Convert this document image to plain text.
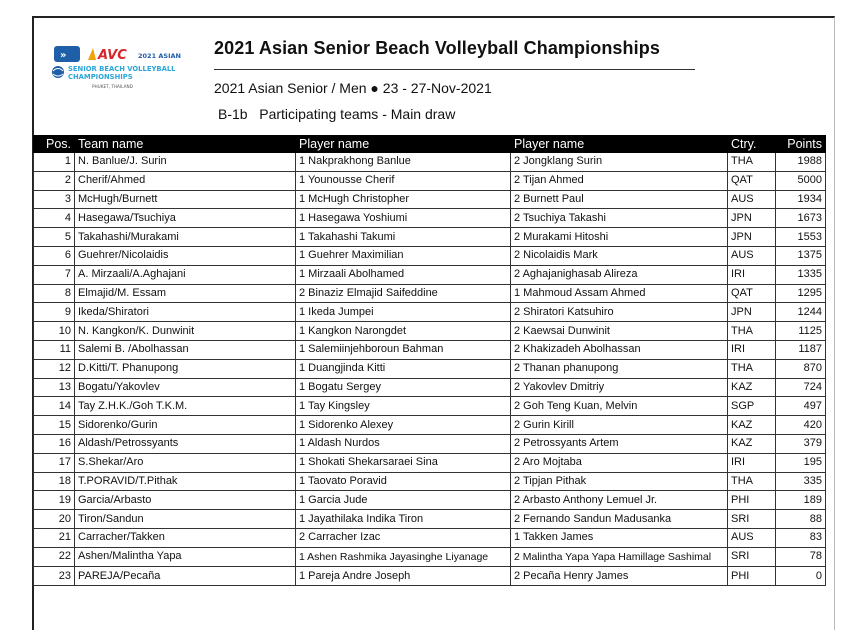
» AVC 2021 ASIAN
SENIOR BEACH VOLLEYBALL
CHAMPIONSHIPS
PHUKET, THAILAND
2021 Asian Senior Beach Volleyball Championships
2021 Asian Senior / Men ● 23 - 27-Nov-2021
B-1b Participating teams - Main draw
Pos.	Team name	Player name	Player name	Ctry.	Points
1	N. Banlue/J. Surin	1 Nakprakhong Banlue	2 Jongklang Surin	THA	1988
2	Cherif/Ahmed	1 Younousse Cherif	2 Tijan Ahmed	QAT	5000
3	McHugh/Burnett	1 McHugh Christopher	2 Burnett Paul	AUS	1934
4	Hasegawa/Tsuchiya	1 Hasegawa Yoshiumi	2 Tsuchiya Takashi	JPN	1673
5	Takahashi/Murakami	1 Takahashi Takumi	2 Murakami Hitoshi	JPN	1553
6	Guehrer/Nicolaidis	1 Guehrer Maximilian	2 Nicolaidis Mark	AUS	1375
7	A. Mirzaali/A.Aghajani	1 Mirzaali Abolhamed	2 Aghajanighasab Alireza	IRI	1335
8	Elmajid/M. Essam	2 Binaziz Elmajid Saifeddine	1 Mahmoud Assam Ahmed	QAT	1295
9	Ikeda/Shiratori	1 Ikeda Jumpei	2 Shiratori Katsuhiro	JPN	1244
10	N. Kangkon/K. Dunwinit	1 Kangkon Narongdet	2 Kaewsai Dunwinit	THA	1125
11	Salemi B. /Abolhassan	1 Salemiinjehboroun Bahman	2 Khakizadeh Abolhassan	IRI	1187
12	D.Kitti/T. Phanupong	1 Duangjinda Kitti	2 Thanan phanupong	THA	870
13	Bogatu/Yakovlev	1 Bogatu Sergey	2 Yakovlev Dmitriy	KAZ	724
14	Tay Z.H.K./Goh T.K.M.	1 Tay Kingsley	2 Goh Teng Kuan, Melvin	SGP	497
15	Sidorenko/Gurin	1 Sidorenko Alexey	2 Gurin Kirill	KAZ	420
16	Aldash/Petrossyants	1 Aldash Nurdos	2 Petrossyants Artem	KAZ	379
17	S.Shekar/Aro	1 Shokati Shekarsaraei Sina	2 Aro Mojtaba	IRI	195
18	T.PORAVID/T.Pithak	1 Taovato Poravid	2 Tipjan Pithak	THA	335
19	Garcia/Arbasto	1 Garcia Jude	2 Arbasto Anthony Lemuel Jr.	PHI	189
20	Tiron/Sandun	1 Jayathilaka Indika Tiron	2 Fernando Sandun Madusanka	SRI	88
21	Carracher/Takken	2 Carracher Izac	1 Takken James	AUS	83
22	Ashen/Malintha Yapa	1 Ashen Rashmika Jayasinghe Liyanage	2 Malintha Yapa Yapa Hamillage Sashimal	SRI	78
23	PAREJA/Pecaña	1 Pareja Andre Joseph	2 Pecaña Henry James	PHI	0
